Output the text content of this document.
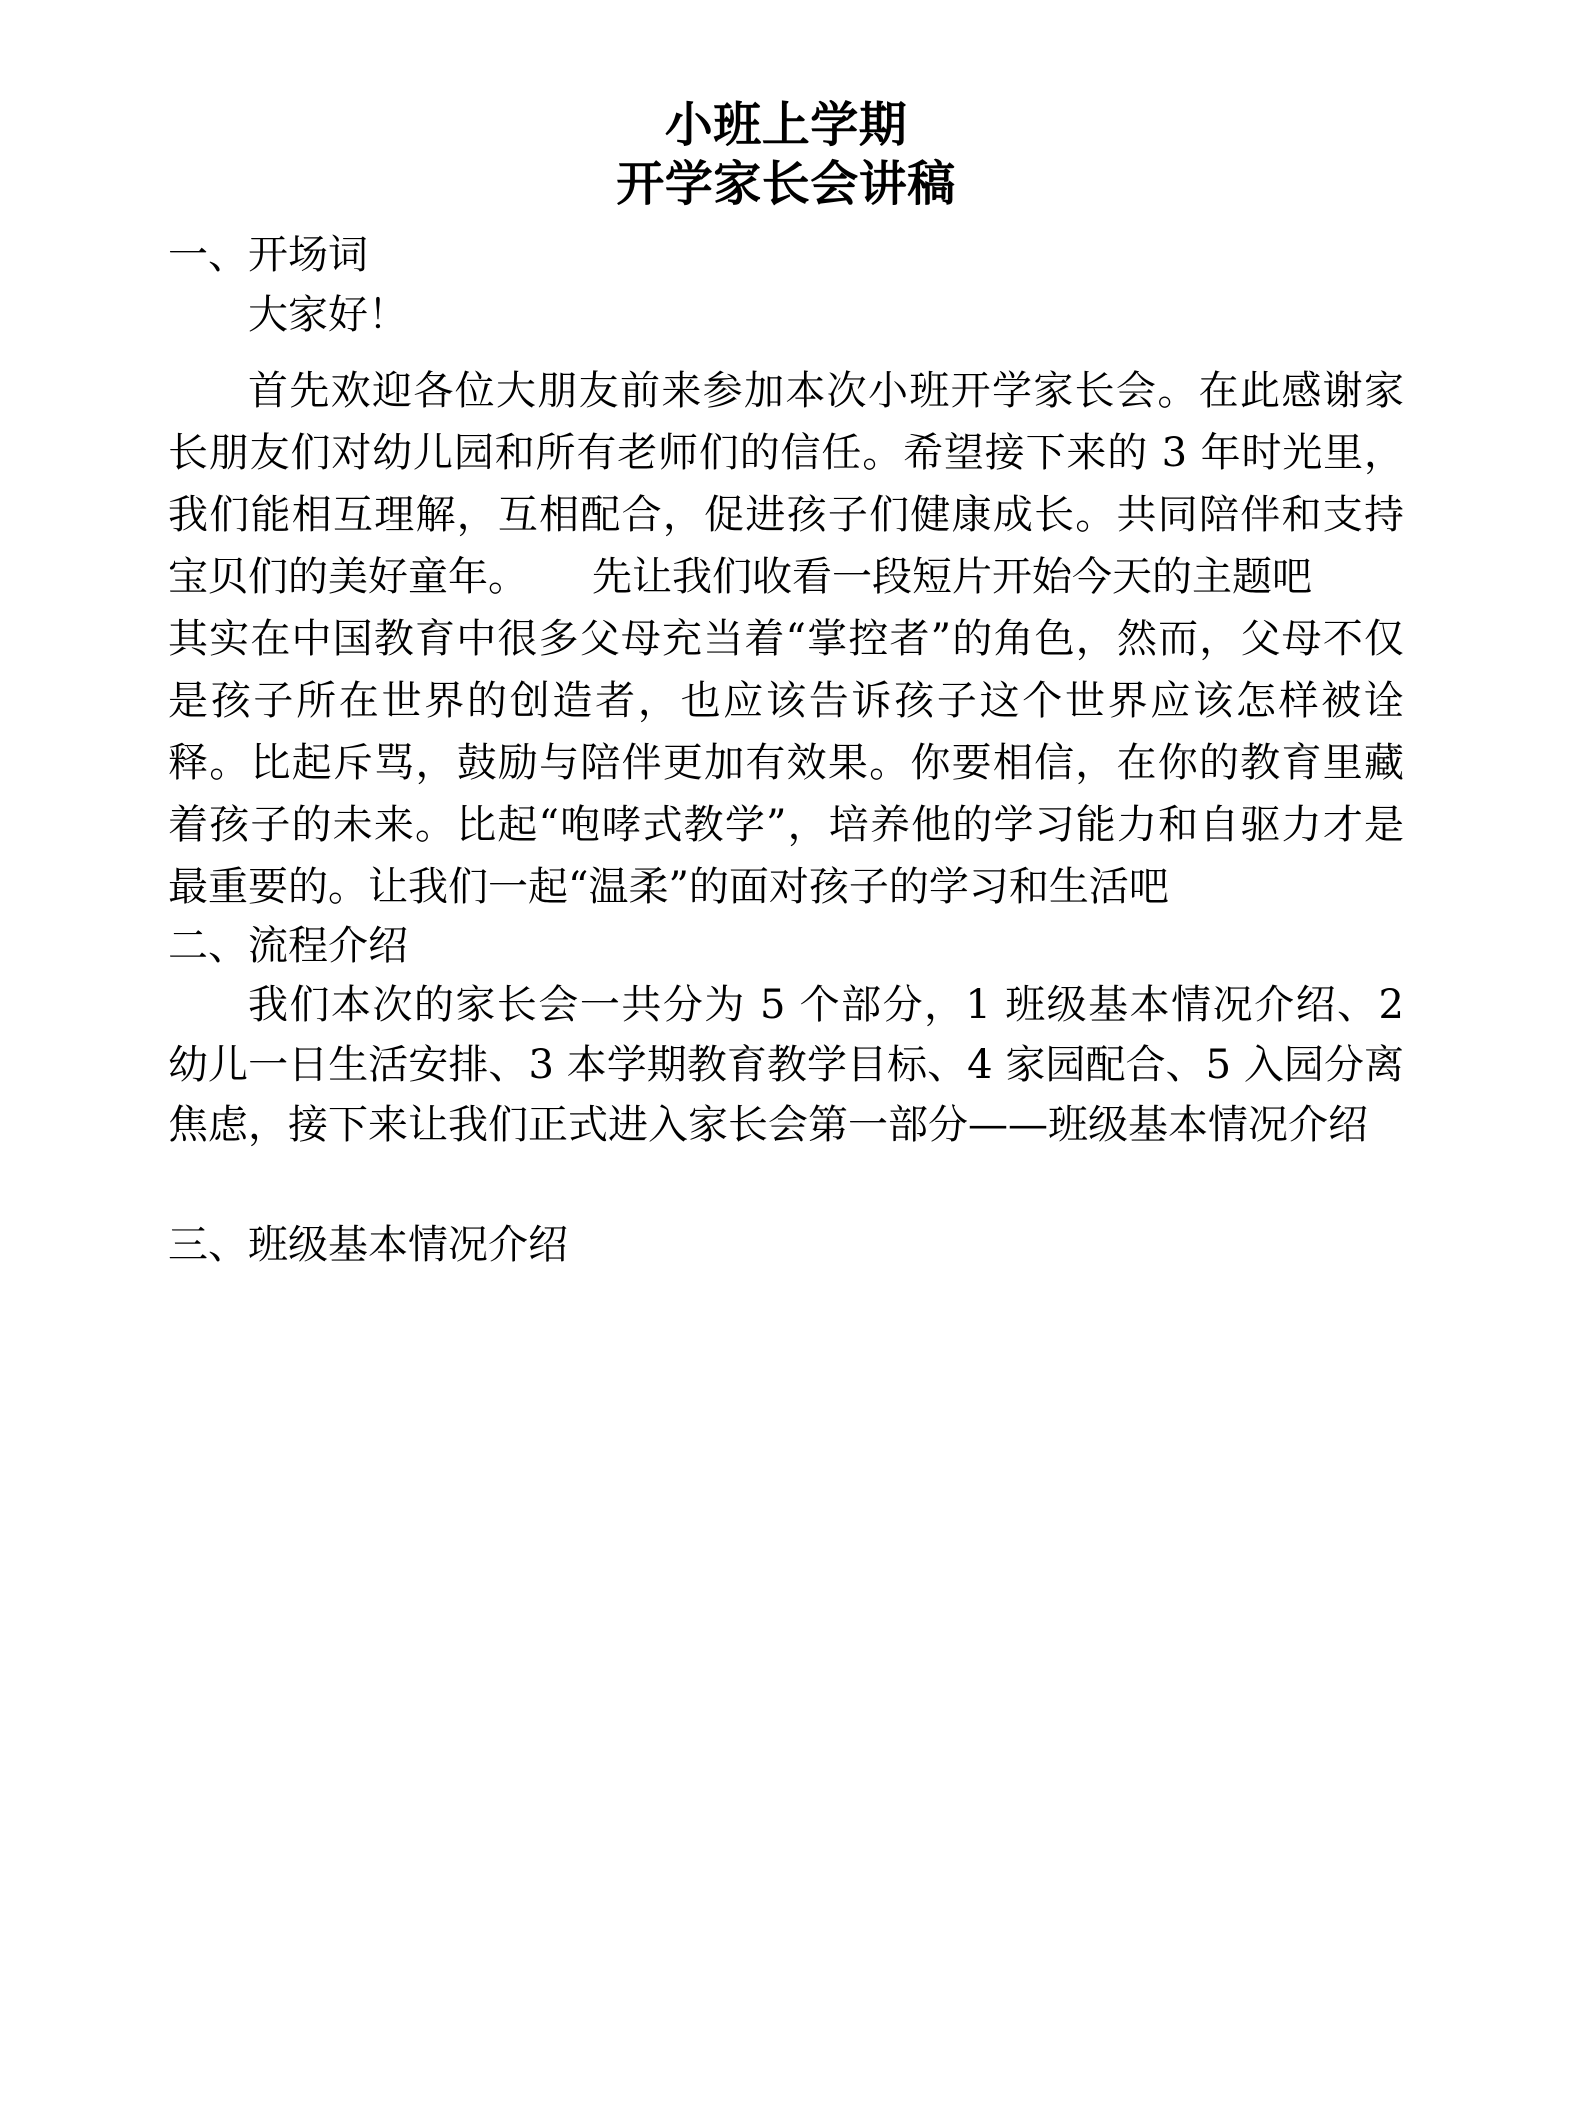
小班上学期
开学家长会讲稿
一、开场词
大家好！
首先欢迎各位大朋友前来参加本次小班开学家长会。在此感谢家长朋友们对幼儿园和所有老师们的信任。希望接下来的 3 年时光里，我们能相互理解，互相配合，促进孩子们健康成长。共同陪伴和支持宝贝们的美好童年。 先让我们收看一段短片开始今天的主题吧
其实在中国教育中很多父母充当着“掌控者”的角色，然而，父母不仅是孩子所在世界的创造者，也应该告诉孩子这个世界应该怎样被诠释。比起斥骂，鼓励与陪伴更加有效果。你要相信，在你的教育里藏着孩子的未来。比起“咆哮式教学”，培养他的学习能力和自驱力才是最重要的。让我们一起“温柔”的面对孩子的学习和生活吧
二、流程介绍
我们本次的家长会一共分为 5 个部分，1 班级基本情况介绍、2 幼儿一日生活安排、3 本学期教育教学目标、4 家园配合、5 入园分离焦虑，接下来让我们正式进入家长会第一部分——班级基本情况介绍
三、班级基本情况介绍
